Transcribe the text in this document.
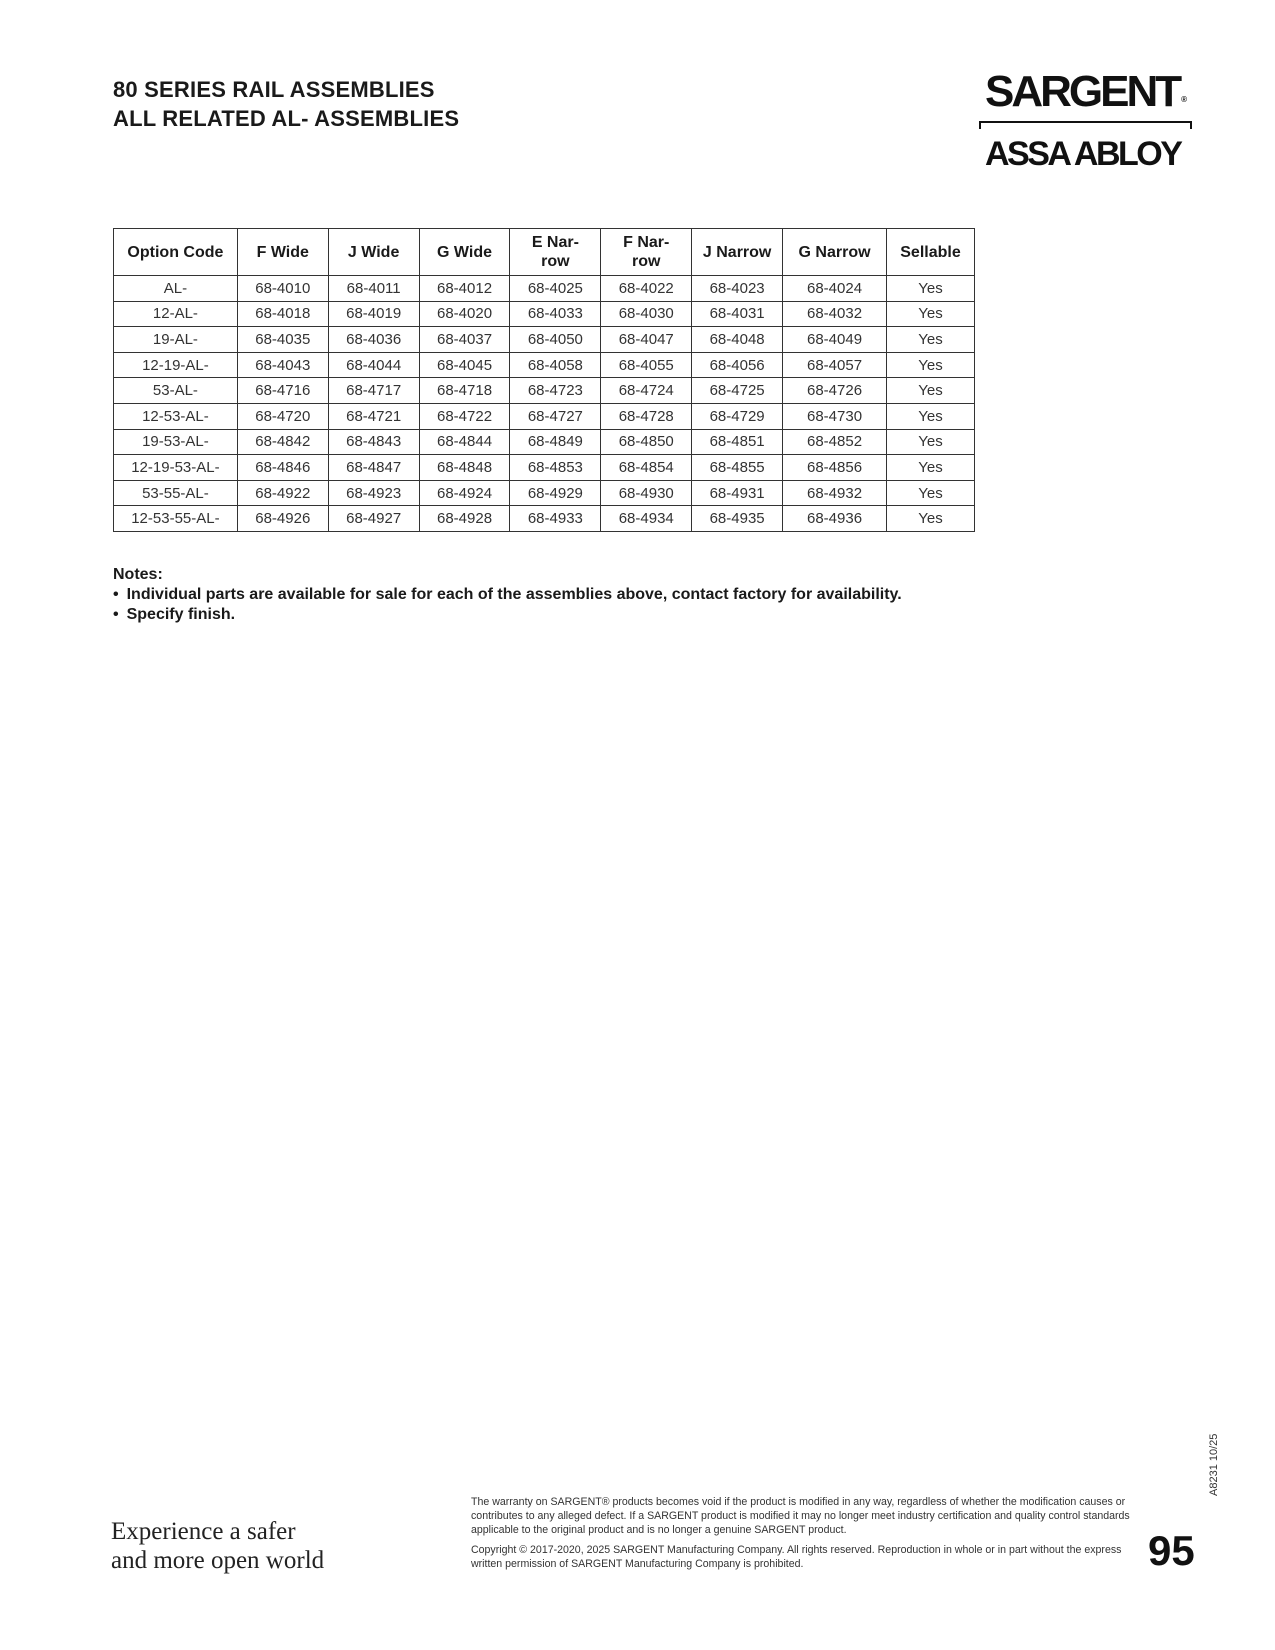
80 SERIES RAIL ASSEMBLIES
ALL RELATED AL- ASSEMBLIES
SARGENT ®
ASSA ABLOY
Option Code	F Wide	J Wide	G Wide	E Nar-
row	F Nar-
row	J Narrow	G Narrow	Sellable
AL-	68-4010	68-4011	68-4012	68-4025	68-4022	68-4023	68-4024	Yes
12-AL-	68-4018	68-4019	68-4020	68-4033	68-4030	68-4031	68-4032	Yes
19-AL-	68-4035	68-4036	68-4037	68-4050	68-4047	68-4048	68-4049	Yes
12-19-AL-	68-4043	68-4044	68-4045	68-4058	68-4055	68-4056	68-4057	Yes
53-AL-	68-4716	68-4717	68-4718	68-4723	68-4724	68-4725	68-4726	Yes
12-53-AL-	68-4720	68-4721	68-4722	68-4727	68-4728	68-4729	68-4730	Yes
19-53-AL-	68-4842	68-4843	68-4844	68-4849	68-4850	68-4851	68-4852	Yes
12-19-53-AL-	68-4846	68-4847	68-4848	68-4853	68-4854	68-4855	68-4856	Yes
53-55-AL-	68-4922	68-4923	68-4924	68-4929	68-4930	68-4931	68-4932	Yes
12-53-55-AL-	68-4926	68-4927	68-4928	68-4933	68-4934	68-4935	68-4936	Yes
Notes:
• Individual parts are available for sale for each of the assemblies above, contact factory for availability.
• Specify finish.
A8231 10/25
Experience a safer
and more open world

The warranty on SARGENT® products becomes void if the product is modified in any way, regardless of whether the modification causes or contributes to any alleged defect. If a SARGENT product is modified it may no longer meet industry certification and quality control standards applicable to the original product and is no longer a genuine SARGENT product.

Copyright © 2017-2020, 2025 SARGENT Manufacturing Company. All rights reserved. Reproduction in whole or in part without the express written permission of SARGENT Manufacturing Company is prohibited.	95
